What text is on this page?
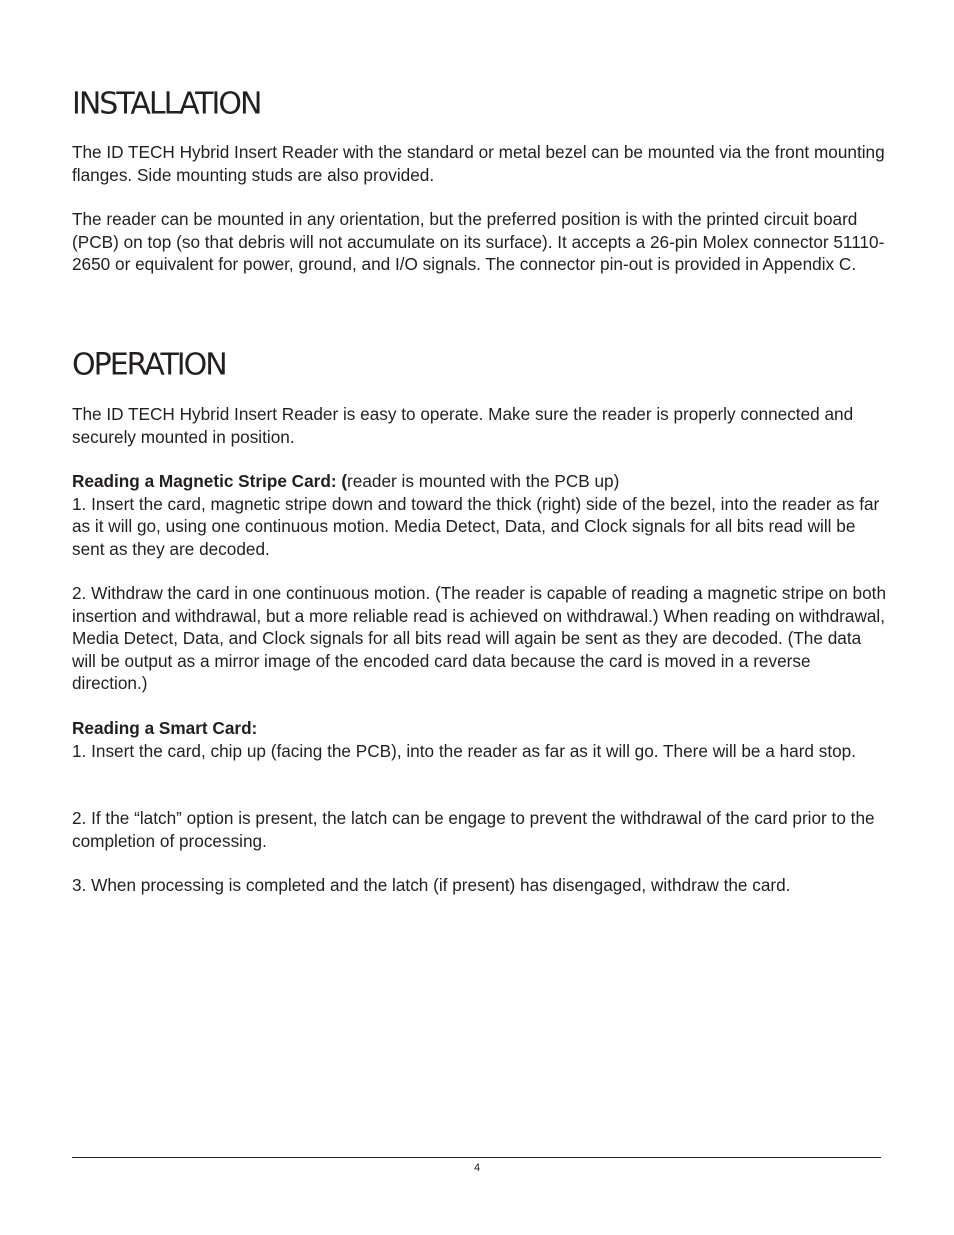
INSTALLATION

The ID TECH Hybrid Insert Reader with the standard or metal bezel can be mounted via the front mounting flanges. Side mounting studs are also provided.

The reader can be mounted in any orientation, but the preferred position is with the printed circuit board (PCB) on top (so that debris will not accumulate on its surface). It accepts a 26-pin Molex connector 51110-2650 or equivalent for power, ground, and I/O signals. The connector pin-out is provided in Appendix C.

OPERATION

The ID TECH Hybrid Insert Reader is easy to operate. Make sure the reader is properly connected and securely mounted in position.

Reading a Magnetic Stripe Card: (reader is mounted with the PCB up)
1. Insert the card, magnetic stripe down and toward the thick (right) side of the bezel, into the reader as far as it will go, using one continuous motion. Media Detect, Data, and Clock signals for all bits read will be sent as they are decoded.

2. Withdraw the card in one continuous motion. (The reader is capable of reading a magnetic stripe on both insertion and withdrawal, but a more reliable read is achieved on withdrawal.) When reading on withdrawal, Media Detect, Data, and Clock signals for all bits read will again be sent as they are decoded. (The data will be output as a mirror image of the encoded card data because the card is moved in a reverse direction.)

Reading a Smart Card:
1. Insert the card, chip up (facing the PCB), into the reader as far as it will go. There will be a hard stop.

2. If the “latch” option is present, the latch can be engage to prevent the withdrawal of the card prior to the completion of processing.

3. When processing is completed and the latch (if present) has disengaged, withdraw the card.

4
